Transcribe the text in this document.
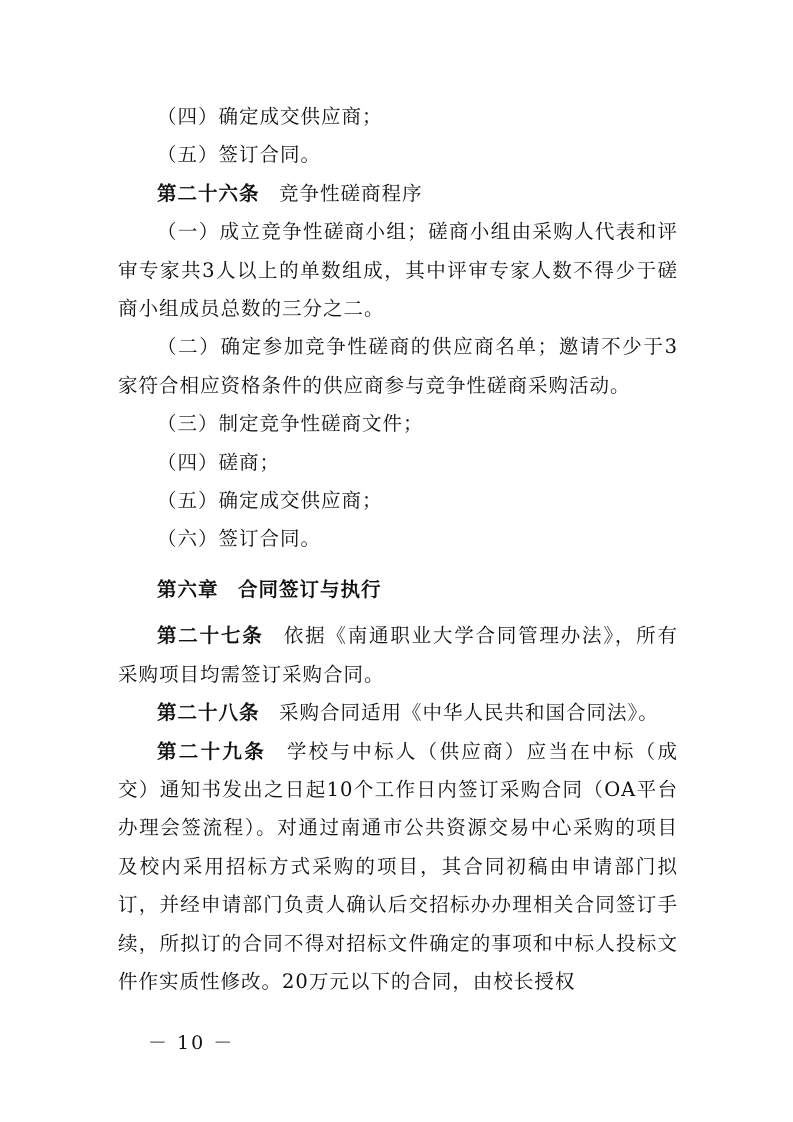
（四）确定成交供应商；

（五）签订合同。

第二十六条 竞争性磋商程序

（一）成立竞争性磋商小组；磋商小组由采购人代表和评审专家共3人以上的单数组成，其中评审专家人数不得少于磋商小组成员总数的三分之二。

（二）确定参加竞争性磋商的供应商名单；邀请不少于3家符合相应资格条件的供应商参与竞争性磋商采购活动。

（三）制定竞争性磋商文件；

（四）磋商；

（五）确定成交供应商；

（六）签订合同。

第六章 合同签订与执行

第二十七条 依据《南通职业大学合同管理办法》，所有采购项目均需签订采购合同。

第二十八条 采购合同适用《中华人民共和国合同法》。

第二十九条 学校与中标人（供应商）应当在中标（成交）通知书发出之日起10个工作日内签订采购合同（OA平台办理会签流程）。对通过南通市公共资源交易中心采购的项目及校内采用招标方式采购的项目，其合同初稿由申请部门拟订，并经申请部门负责人确认后交招标办办理相关合同签订手续，所拟订的合同不得对招标文件确定的事项和中标人投标文件作实质性修改。20万元以下的合同，由校长授权

－ 10 －
